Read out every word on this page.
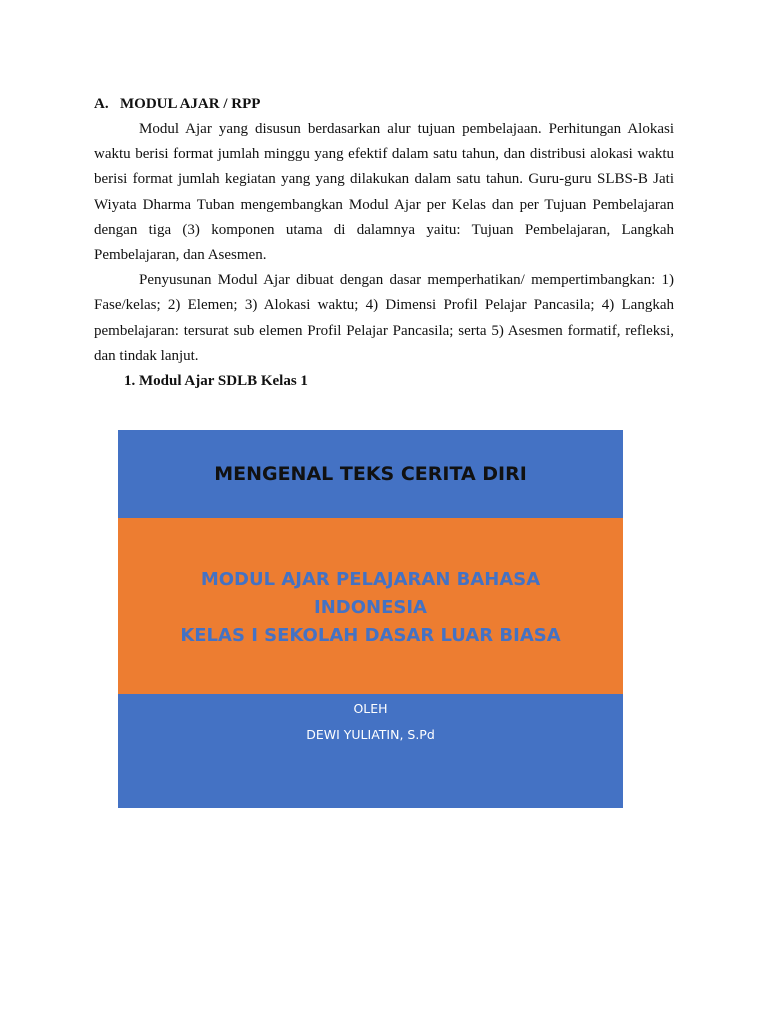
A. MODUL AJAR / RPP

Modul Ajar yang disusun berdasarkan alur tujuan pembelajaan. Perhitungan Alokasi waktu berisi format jumlah minggu yang efektif dalam satu tahun, dan distribusi alokasi waktu berisi format jumlah kegiatan yang yang dilakukan dalam satu tahun. Guru-guru SLBS-B Jati Wiyata Dharma Tuban mengembangkan Modul Ajar per Kelas dan per Tujuan Pembelajaran dengan tiga (3) komponen utama di dalamnya yaitu: Tujuan Pembelajaran, Langkah Pembelajaran, dan Asesmen.

Penyusunan Modul Ajar dibuat dengan dasar memperhatikan/ mempertimbangkan: 1) Fase/kelas; 2) Elemen; 3) Alokasi waktu; 4) Dimensi Profil Pelajar Pancasila; 4) Langkah pembelajaran: tersurat sub elemen Profil Pelajar Pancasila; serta 5) Asesmen formatif, refleksi, dan tindak lanjut.

1. Modul Ajar SDLB Kelas 1

MENGENAL TEKS CERITA DIRI

MODUL AJAR PELAJARAN BAHASA
INDONESIA
KELAS I SEKOLAH DASAR LUAR BIASA
OLEH
DEWI YULIATIN, S.Pd
